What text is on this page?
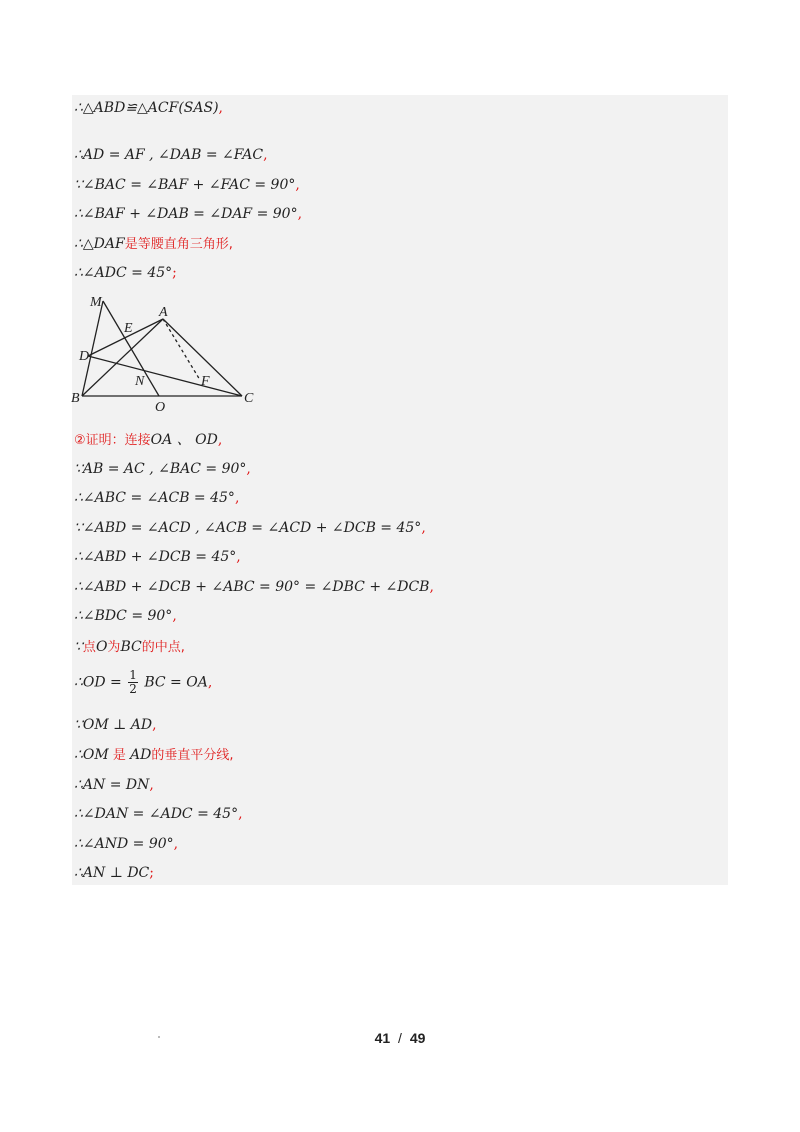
∴△ABD≌△ACF(SAS),
∴AD = AF , ∠DAB = ∠FAC,
∵∠BAC = ∠BAF + ∠FAC = 90°,
∴∠BAF + ∠DAB = ∠DAF = 90°,
∴△DAF是等腰直角三角形,
∴∠ADC = 45°;
M
A
E
D
N	F
B
O
C
②证明：连接OA 、 OD,
∵AB = AC , ∠BAC = 90°,
∴∠ABC = ∠ACB = 45°,
∵∠ABD = ∠ACD , ∠ACB = ∠ACD + ∠DCB = 45°,
∴∠ABD + ∠DCB = 45°,
∴∠ABD + ∠DCB + ∠ABC = 90° = ∠DBC + ∠DCB,
∴∠BDC = 90°,
∵点O为BC的中点,
∴OD = $\frac{1}{2}$ BC = OA,
∵OM ⊥ AD,
∴OM 是 AD的垂直平分线,
∴AN = DN,
∴∠DAN = ∠ADC = 45°,
∴∠AND = 90°,
∴AN ⊥ DC;
41 / 49
